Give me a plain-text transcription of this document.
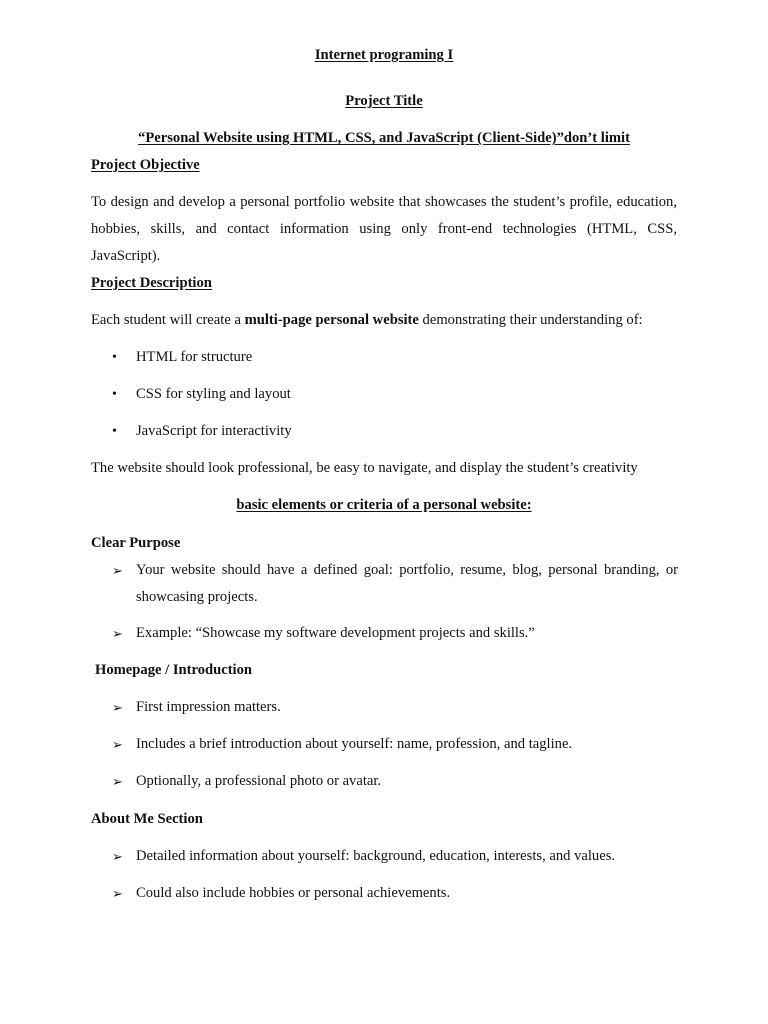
Internet programing I
Project Title
“Personal Website using HTML, CSS, and JavaScript (Client-Side)”don’t limit
Project Objective

To design and develop a personal portfolio website that showcases the student’s profile, education, hobbies, skills, and contact information using only front-end technologies (HTML, CSS, JavaScript).

Project Description
Each student will create a multi-page personal website demonstrating their understanding of:
•	HTML for structure
•	CSS for styling and layout
•	JavaScript for interactivity
The website should look professional, be easy to navigate, and display the student’s creativity
basic elements or criteria of a personal website:
Clear Purpose
➢ Your website should have a defined goal: portfolio, resume, blog, personal branding, or showcasing projects.
➢ Example: “Showcase my software development projects and skills.”
Homepage / Introduction
➢ First impression matters.
➢ Includes a brief introduction about yourself: name, profession, and tagline.
➢ Optionally, a professional photo or avatar.
About Me Section
➢ Detailed information about yourself: background, education, interests, and values.
➢ Could also include hobbies or personal achievements.
